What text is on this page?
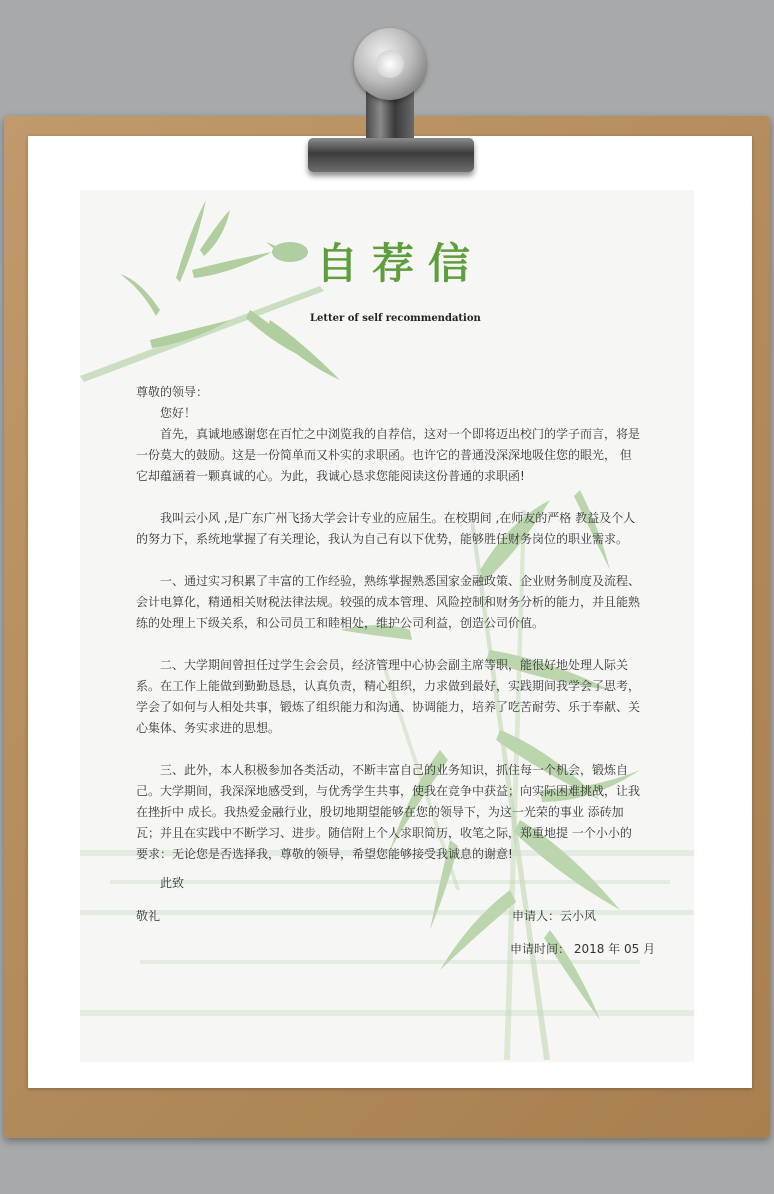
自荐信

Letter of self recommendation

尊敬的领导：

您好！

首先，真诚地感谢您在百忙之中浏览我的自荐信，这对一个即将迈出校门的学子而言，将是一份莫大的鼓励。这是一份简单而又朴实的求职函。也许它的普通没深深地吸住您的眼光， 但它却蕴涵着一颗真诚的心。为此，我诚心恳求您能阅读这份普通的求职函!

我叫云小风 ,是广东广州飞扬大学会计专业的应届生。在校期间 ,在师友的严格 教益及个人的努力下，系统地掌握了有关理论，我认为自己有以下优势，能够胜任财务岗位的职业需求。

一、通过实习积累了丰富的工作经验，熟练掌握熟悉国家金融政策、企业财务制度及流程、会计电算化，精通相关财税法律法规。较强的成本管理、风险控制和财务分析的能力，并且能熟练的处理上下级关系，和公司员工和睦相处，维护公司利益，创造公司价值。

二、大学期间曾担任过学生会会员，经济管理中心协会副主席等职，能很好地处理人际关系。在工作上能做到勤勤恳恳，认真负责，精心组织，力求做到最好，实践期间我学会了思考，学会了如何与人相处共事，锻炼了组织能力和沟通、协调能力，培养了吃苦耐劳、乐于奉献、关心集体、务实求进的思想。

三、此外，本人积极参加各类活动，不断丰富自己的业务知识，抓住每一个机会，锻炼自己。大学期间，我深深地感受到，与优秀学生共事，使我在竞争中获益；向实际困难挑战，让我在挫折中 成长。我热爱金融行业，殷切地期望能够在您的领导下，为这一光荣的事业 添砖加瓦；并且在实践中不断学习、进步。随信附上个人求职简历，收笔之际，郑重地提 一个小小的要求：无论您是否选择我，尊敬的领导，希望您能够接受我诚息的谢意!

此致

敬礼	申请人：云小风

申请时间： 2018 年 05 月
